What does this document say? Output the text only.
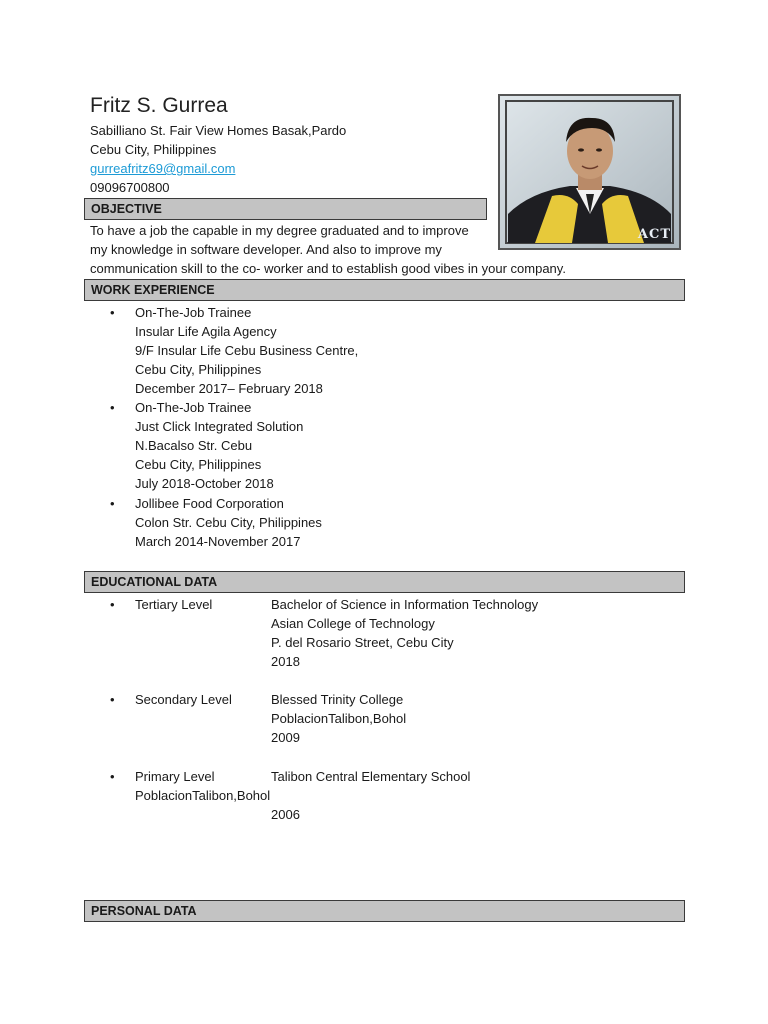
Fritz S. Gurrea
Sabilliano St. Fair View Homes Basak,Pardo
Cebu City, Philippines
gurreafritz69@gmail.com
09096700800
ACT
OBJECTIVE
To have a job the capable in my degree graduated and to improve
my knowledge in software developer. And also to improve my
communication skill to the co- worker and to establish good vibes in your company.
WORK EXPERIENCE
• On-The-Job Trainee
Insular Life Agila Agency
9/F Insular Life Cebu Business Centre,
Cebu City, Philippines
December 2017– February 2018
• On-The-Job Trainee
Just Click Integrated Solution
N.Bacalso Str. Cebu
Cebu City, Philippines
July 2018-October 2018
• Jollibee Food Corporation
Colon Str. Cebu City, Philippines
March 2014-November 2017
EDUCATIONAL DATA
• Tertiary Level	Bachelor of Science in Information Technology
Asian College of Technology
P. del Rosario Street, Cebu City
2018
• Secondary Level	Blessed Trinity College
PoblacionTalibon,Bohol
2009
• Primary Level	Talibon Central Elementary School
PoblacionTalibon,Bohol
2006
PERSONAL DATA
